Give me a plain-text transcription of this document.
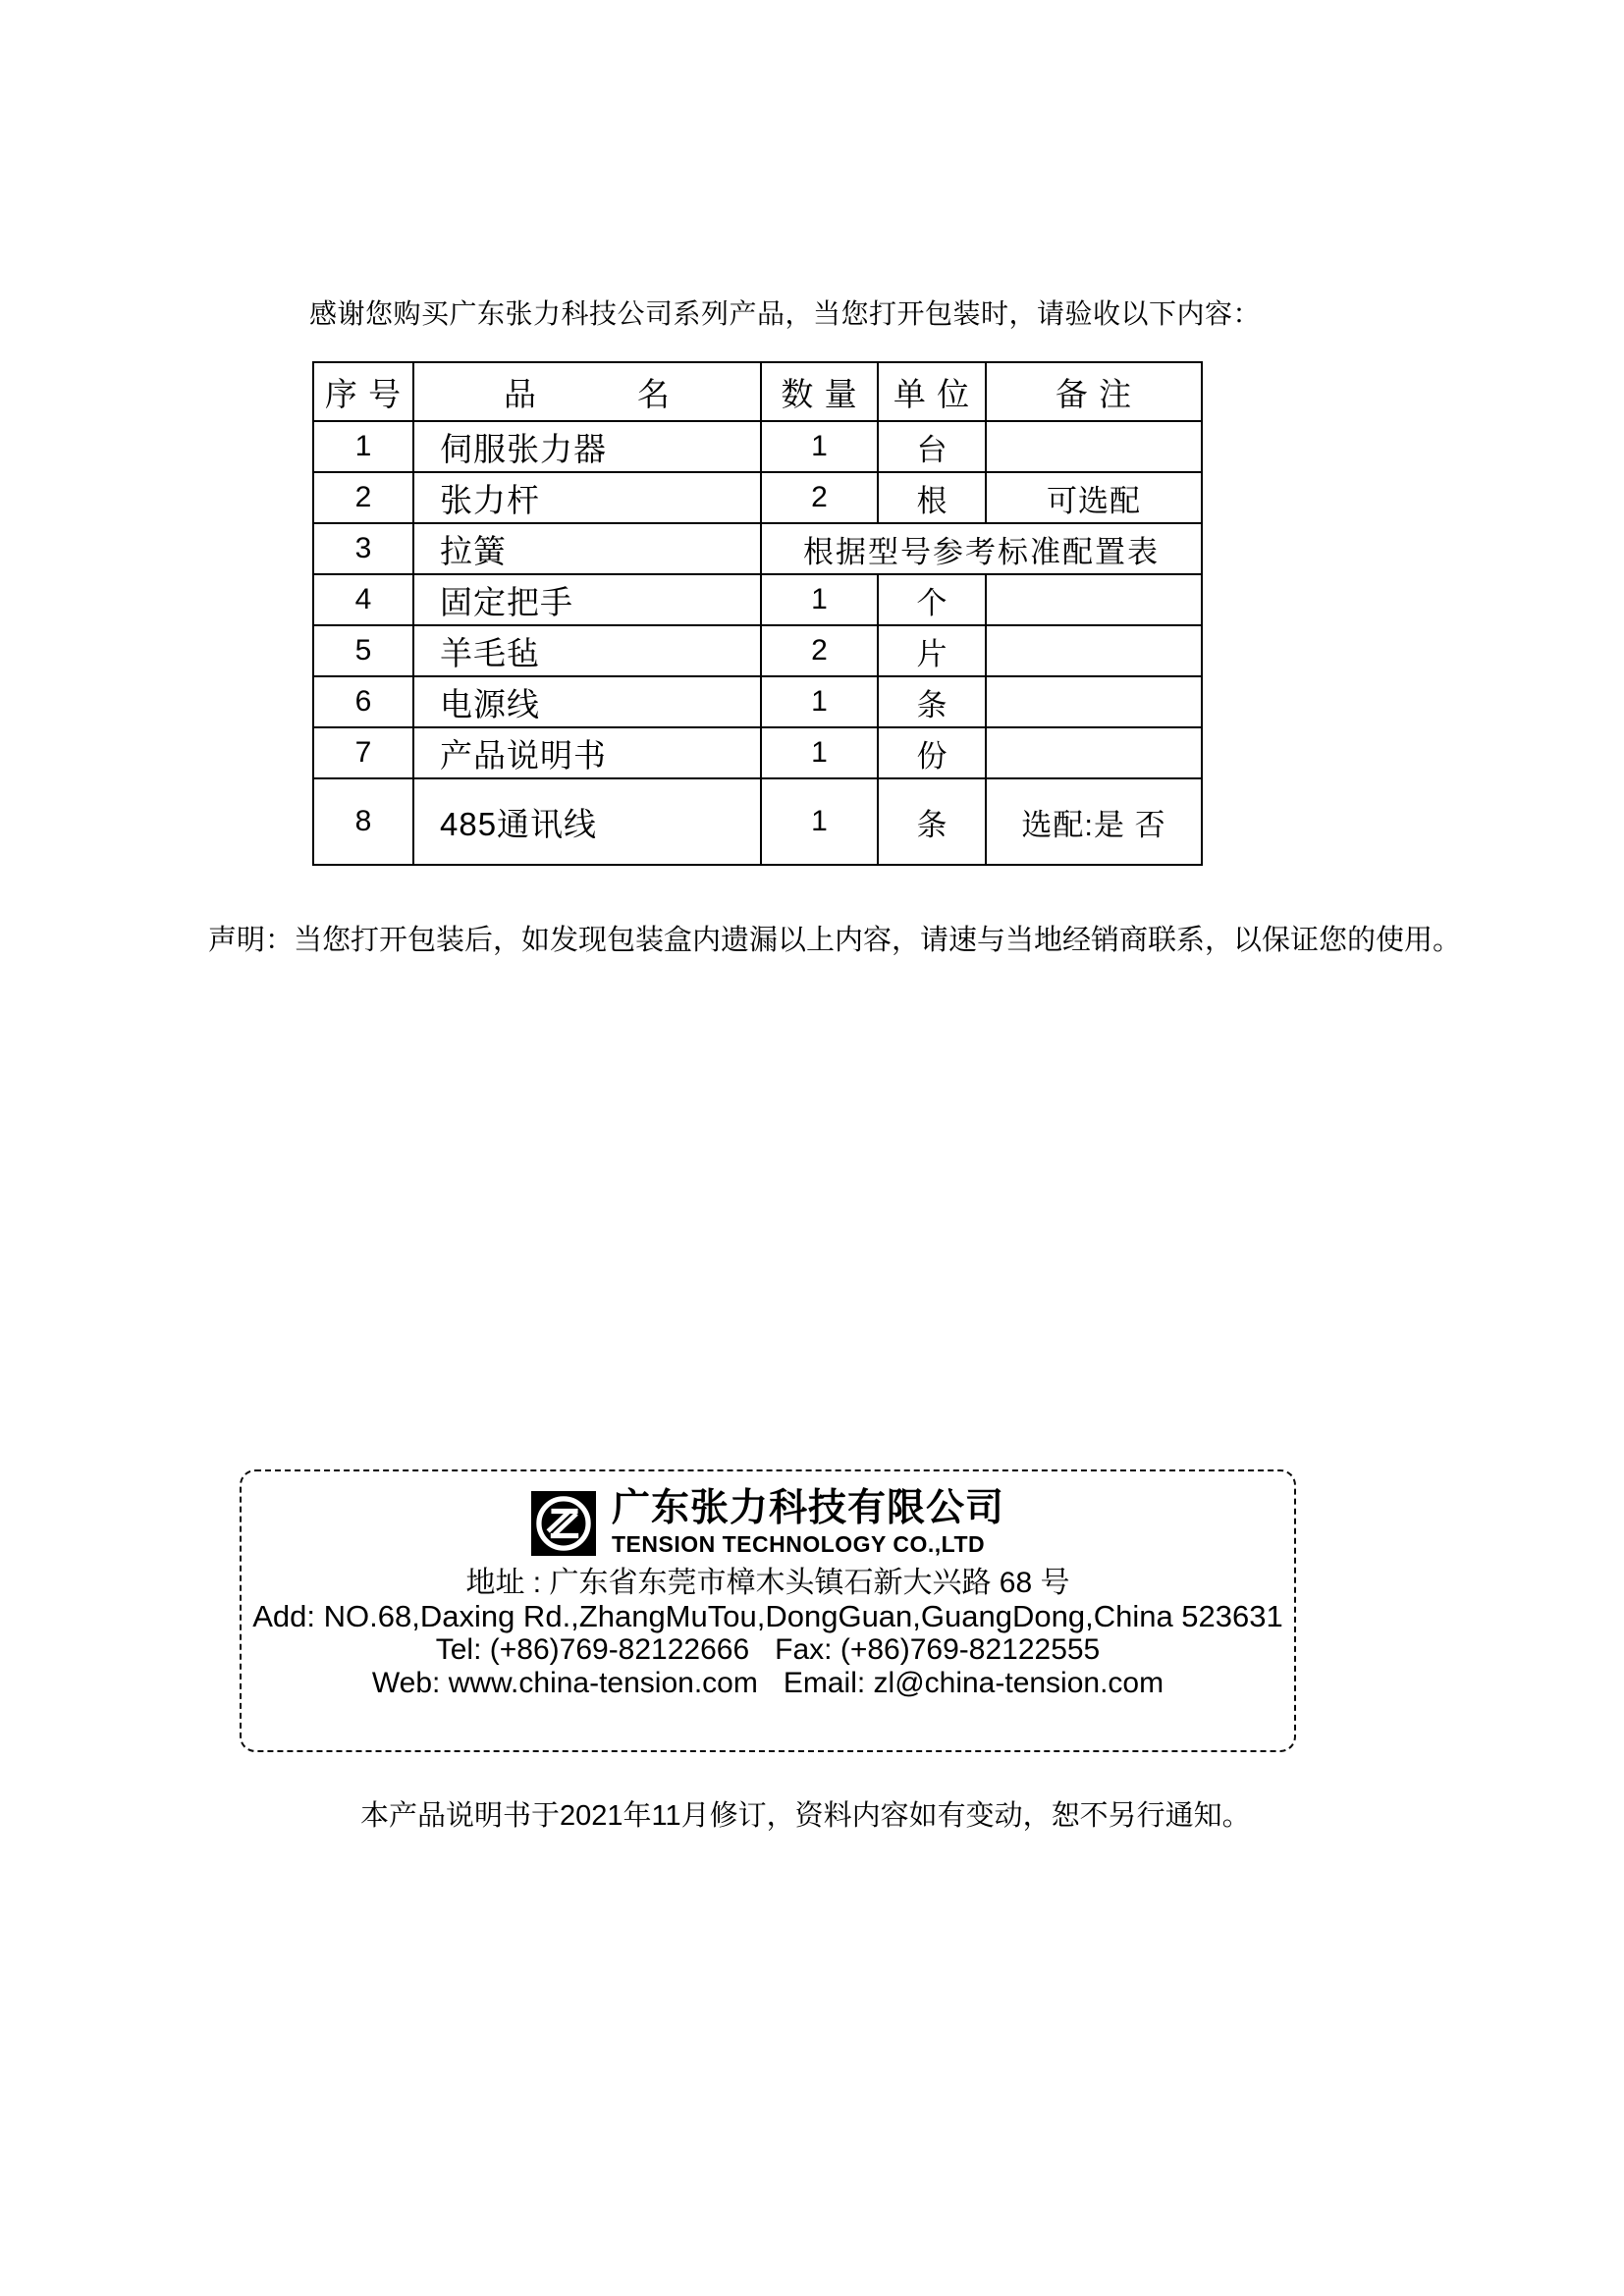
感谢您购买广东张力科技公司系列产品，当您打开包装时，请验收以下内容：

序 号	品　　　名	数 量	单 位	备 注
1	伺服张力器	1	台	
2	张力杆	2	根	可选配
3	拉簧	根据型号参考标准配置表		
4	固定把手	1	个	
5	羊毛毡	2	片	
6	电源线	1	条	
7	产品说明书	1	份	
8	485通讯线	1	条	选配:是 否

声明：当您打开包装后，如发现包装盒内遗漏以上内容，请速与当地经销商联系，以保证您的使用。

广东张力科技有限公司
TENSION TECHNOLOGY CO.,LTD
地址 : 广东省东莞市樟木头镇石新大兴路 68 号
Add: NO.68,Daxing Rd.,ZhangMuTou,DongGuan,GuangDong,China 523631
Tel: (+86)769-82122666 Fax: (+86)769-82122555
Web: www.china-tension.com Email: zl@china-tension.com

本产品说明书于2021年11月修订，资料内容如有变动，恕不另行通知。
